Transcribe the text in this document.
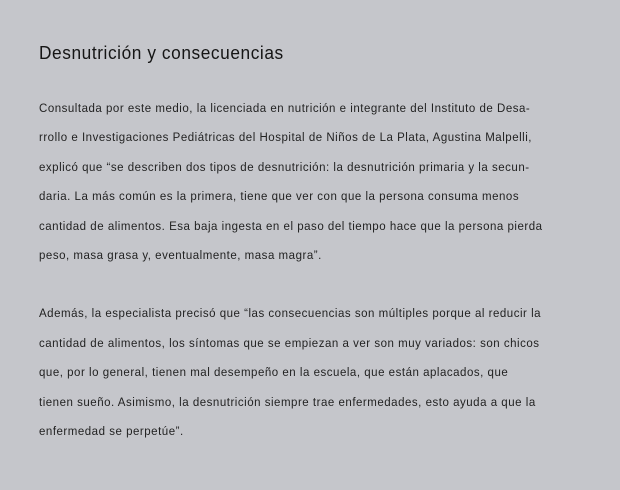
Desnutrición y consecuencias

Consultada por este medio, la licenciada en nutrición e integrante del Instituto de Desa-
rrollo e Investigaciones Pediátricas del Hospital de Niños de La Plata, Agustina Malpelli,
explicó que “se describen dos tipos de desnutrición: la desnutrición primaria y la secun-
daria. La más común es la primera, tiene que ver con que la persona consuma menos
cantidad de alimentos. Esa baja ingesta en el paso del tiempo hace que la persona pierda
peso, masa grasa y, eventualmente, masa magra”.

Además, la especialista precisó que “las consecuencias son múltiples porque al reducir la
cantidad de alimentos, los síntomas que se empiezan a ver son muy variados: son chicos
que, por lo general, tienen mal desempeño en la escuela, que están aplacados, que
tienen sueño. Asimismo, la desnutrición siempre trae enfermedades, esto ayuda a que la
enfermedad se perpetúe”.
